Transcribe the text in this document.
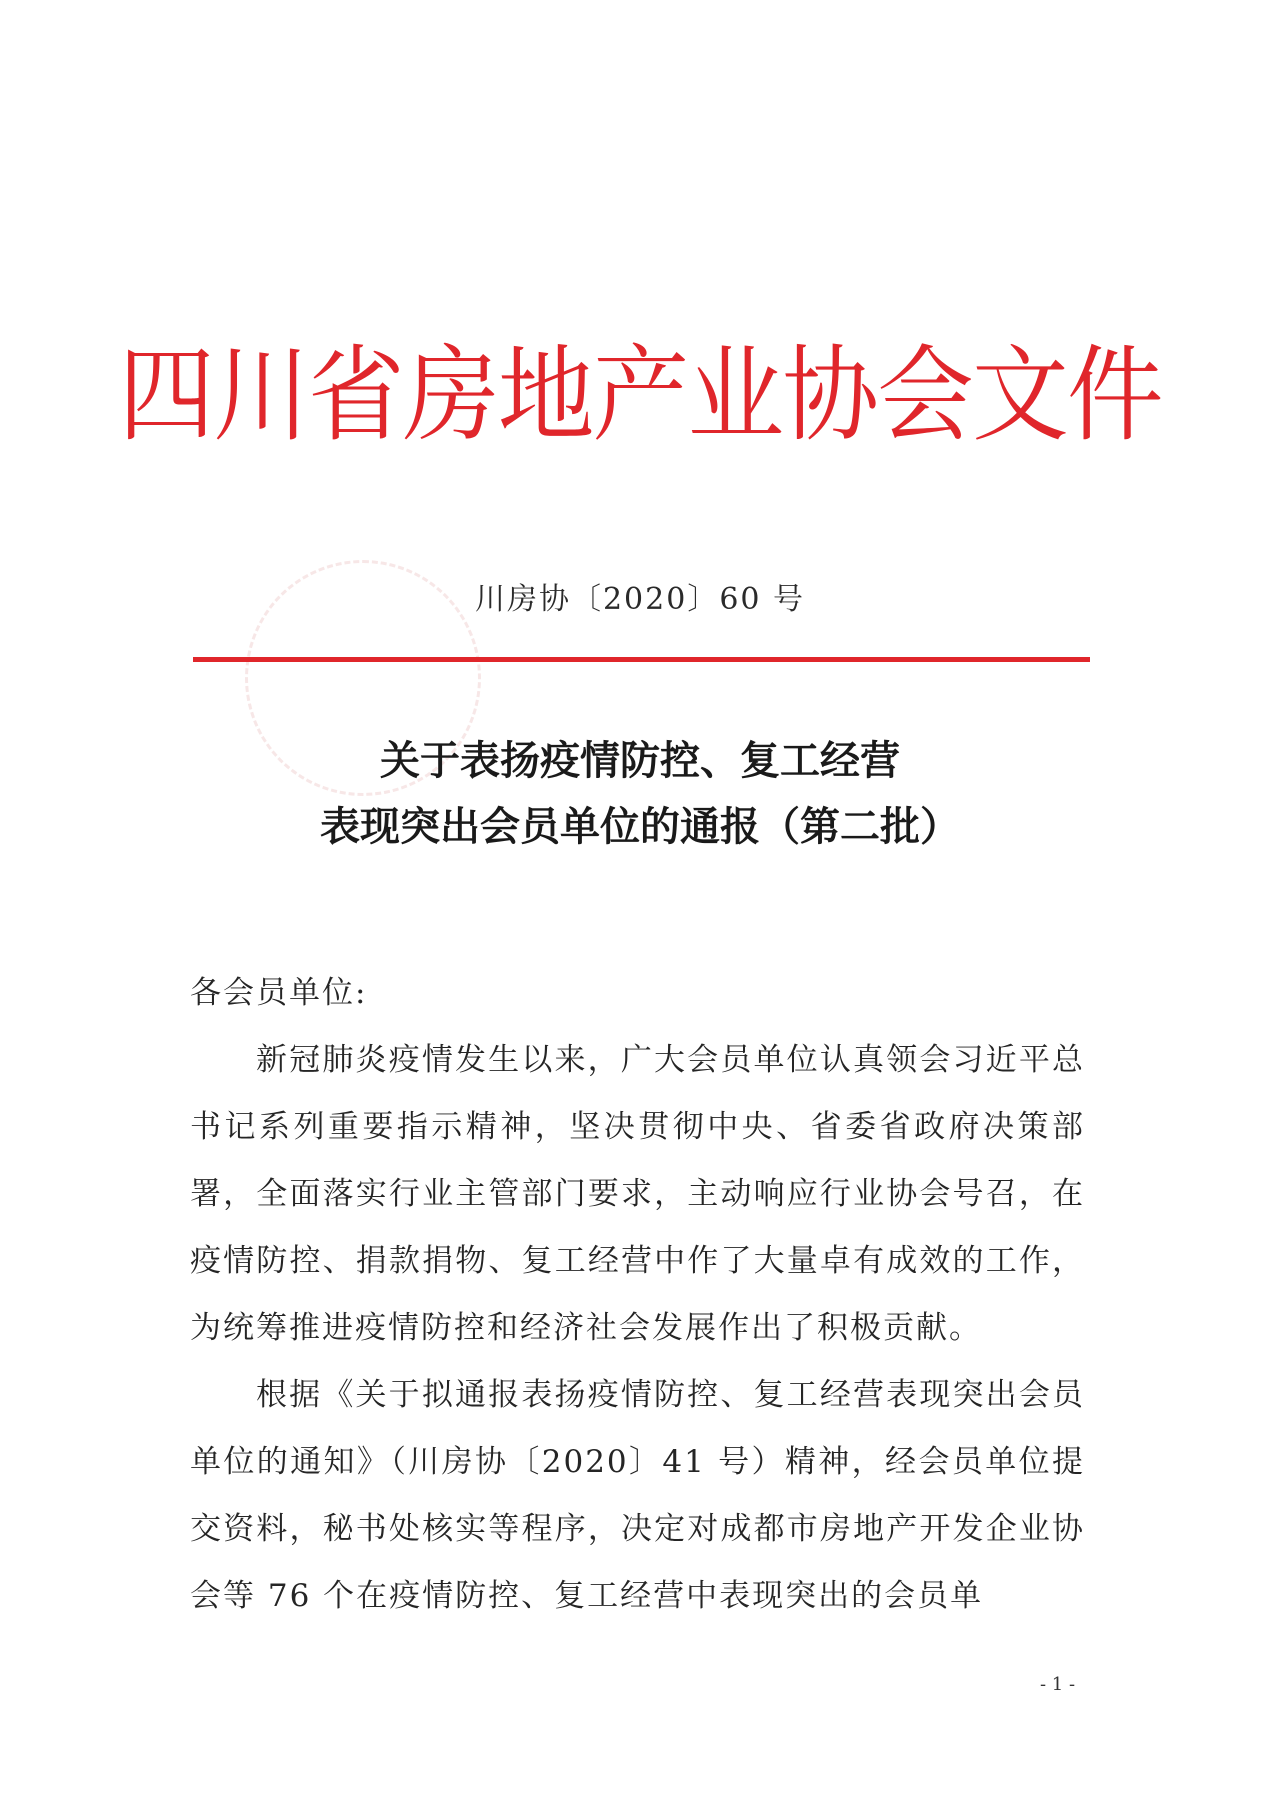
四川省房地产业协会文件
川房协〔2020〕60 号
关于表扬疫情防控、复工经营
表现突出会员单位的通报（第二批）

各会员单位:

新冠肺炎疫情发生以来，广大会员单位认真领会习近平总书记系列重要指示精神，坚决贯彻中央、省委省政府决策部署，全面落实行业主管部门要求，主动响应行业协会号召，在疫情防控、捐款捐物、复工经营中作了大量卓有成效的工作，为统筹推进疫情防控和经济社会发展作出了积极贡献。

根据《关于拟通报表扬疫情防控、复工经营表现突出会员单位的通知》（川房协〔2020〕41 号）精神，经会员单位提交资料，秘书处核实等程序，决定对成都市房地产开发企业协会等 76 个在疫情防控、复工经营中表现突出的会员单

- 1 -
